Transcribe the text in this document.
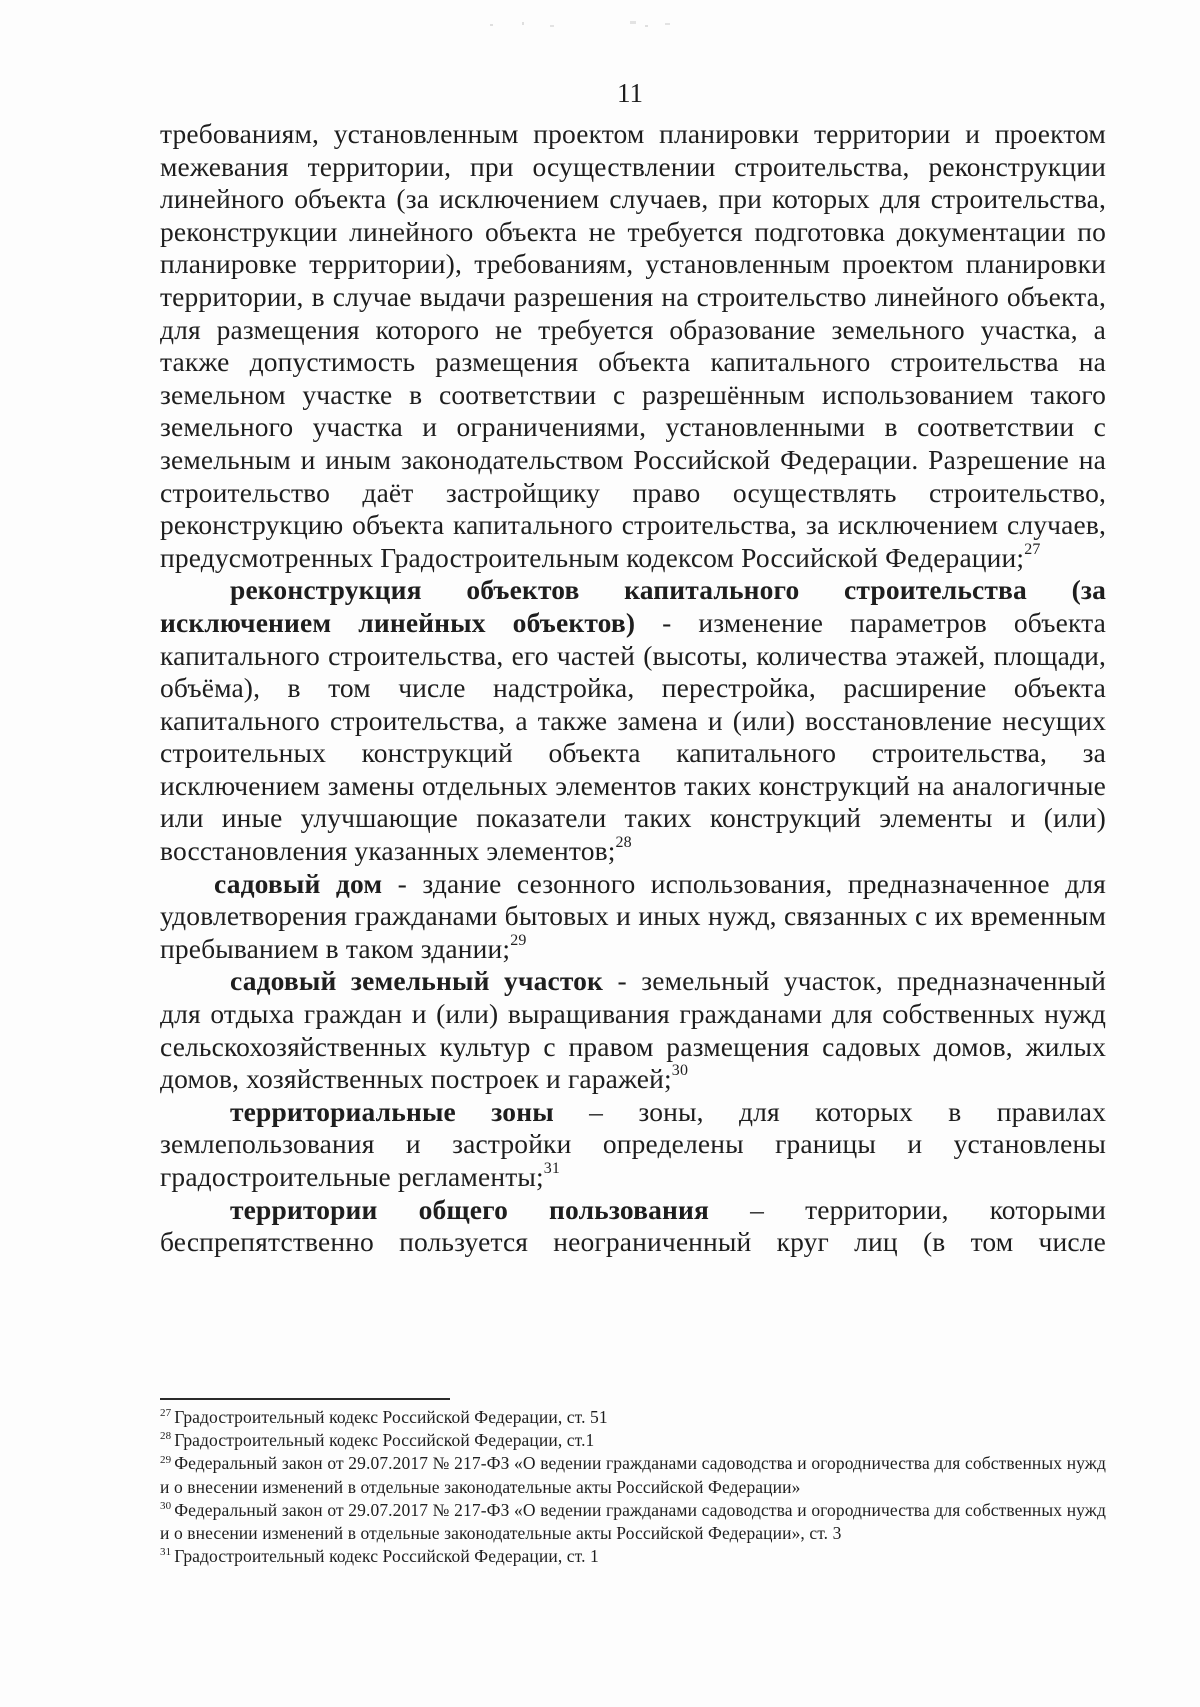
11

требованиям, установленным проектом планировки территории и проектом межевания территории, при осуществлении строительства, реконструкции линейного объекта (за исключением случаев, при которых для строительства, реконструкции линейного объекта не требуется подготовка документации по планировке территории), требованиям, установленным проектом планировки территории, в случае выдачи разрешения на строительство линейного объекта, для размещения которого не требуется образование земельного участка, а также допустимость размещения объекта капитального строительства на земельном участке в соответствии с разрешённым использованием такого земельного участка и ограничениями, установленными в соответствии с земельным и иным законодательством Российской Федерации. Разрешение на строительство даёт застройщику право осуществлять строительство, реконструкцию объекта капитального строительства, за исключением случаев, предусмотренных Градостроительным кодексом Российской Федерации;$^{27}$

реконструкция объектов капитального строительства (за исключением линейных объектов) - изменение параметров объекта капитального строительства, его частей (высоты, количества этажей, площади, объёма), в том числе надстройка, перестройка, расширение объекта капитального строительства, а также замена и (или) восстановление несущих строительных конструкций объекта капитального строительства, за исключением замены отдельных элементов таких конструкций на аналогичные или иные улучшающие показатели таких конструкций элементы и (или) восстановления указанных элементов;$^{28}$

садовый дом - здание сезонного использования, предназначенное для удовлетворения гражданами бытовых и иных нужд, связанных с их временным пребыванием в таком здании;$^{29}$

садовый земельный участок - земельный участок, предназначенный для отдыха граждан и (или) выращивания гражданами для собственных нужд сельскохозяйственных культур с правом размещения садовых домов, жилых домов, хозяйственных построек и гаражей;$^{30}$

территориальные зоны – зоны, для которых в правилах землепользования и застройки определены границы и установлены градостроительные регламенты;$^{31}$

территории общего пользования – территории, которыми беспрепятственно пользуется неограниченный круг лиц (в том числе

$^{27}$ Градостроительный кодекс Российской Федерации, ст. 51

$^{28}$ Градостроительный кодекс Российской Федерации, ст.1

$^{29}$ Федеральный закон от 29.07.2017 № 217-ФЗ «О ведении гражданами садоводства и огородничества для собственных нужд и о внесении изменений в отдельные законодательные акты Российской Федерации»

$^{30}$ Федеральный закон от 29.07.2017 № 217-ФЗ «О ведении гражданами садоводства и огородничества для собственных нужд и о внесении изменений в отдельные законодательные акты Российской Федерации», ст. 3

$^{31}$ Градостроительный кодекс Российской Федерации, ст. 1
